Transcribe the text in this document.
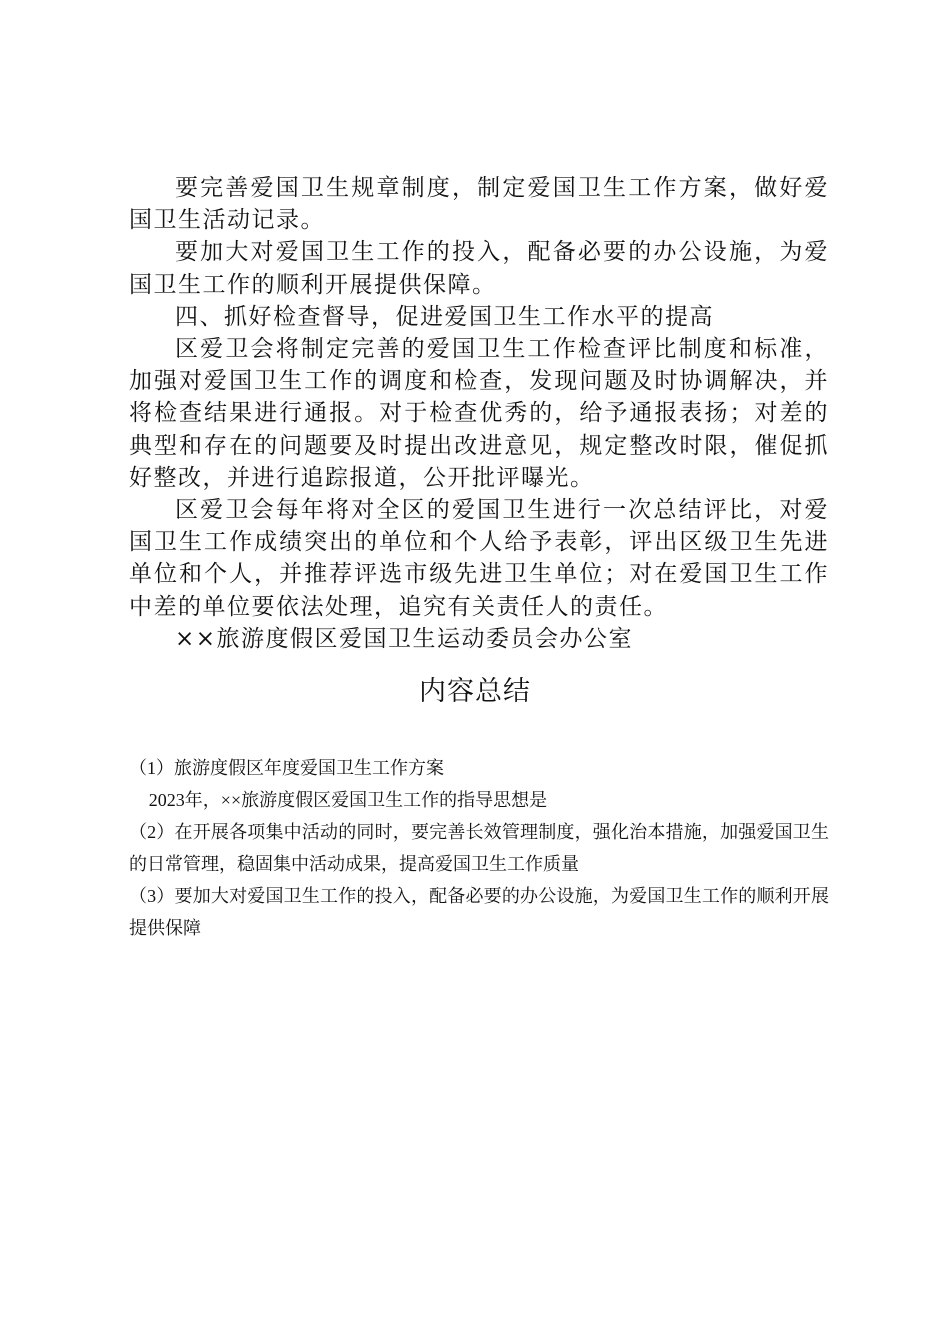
要完善爱国卫生规章制度，制定爱国卫生工作方案，做好爱国卫生活动记录。

要加大对爱国卫生工作的投入，配备必要的办公设施，为爱国卫生工作的顺利开展提供保障。

四、抓好检查督导，促进爱国卫生工作水平的提高

区爱卫会将制定完善的爱国卫生工作检查评比制度和标准，加强对爱国卫生工作的调度和检查，发现问题及时协调解决，并将检查结果进行通报。对于检查优秀的，给予通报表扬；对差的典型和存在的问题要及时提出改进意见，规定整改时限，催促抓好整改，并进行追踪报道，公开批评曝光。

区爱卫会每年将对全区的爱国卫生进行一次总结评比，对爱国卫生工作成绩突出的单位和个人给予表彰，评出区级卫生先进单位和个人，并推荐评选市级先进卫生单位；对在爱国卫生工作中差的单位要依法处理，追究有关责任人的责任。

××旅游度假区爱国卫生运动委员会办公室

内容总结

（1）旅游度假区年度爱国卫生工作方案

2023年，××旅游度假区爱国卫生工作的指导思想是

（2）在开展各项集中活动的同时，要完善长效管理制度，强化治本措施，加强爱国卫生的日常管理，稳固集中活动成果，提高爱国卫生工作质量

（3）要加大对爱国卫生工作的投入，配备必要的办公设施，为爱国卫生工作的顺利开展提供保障
